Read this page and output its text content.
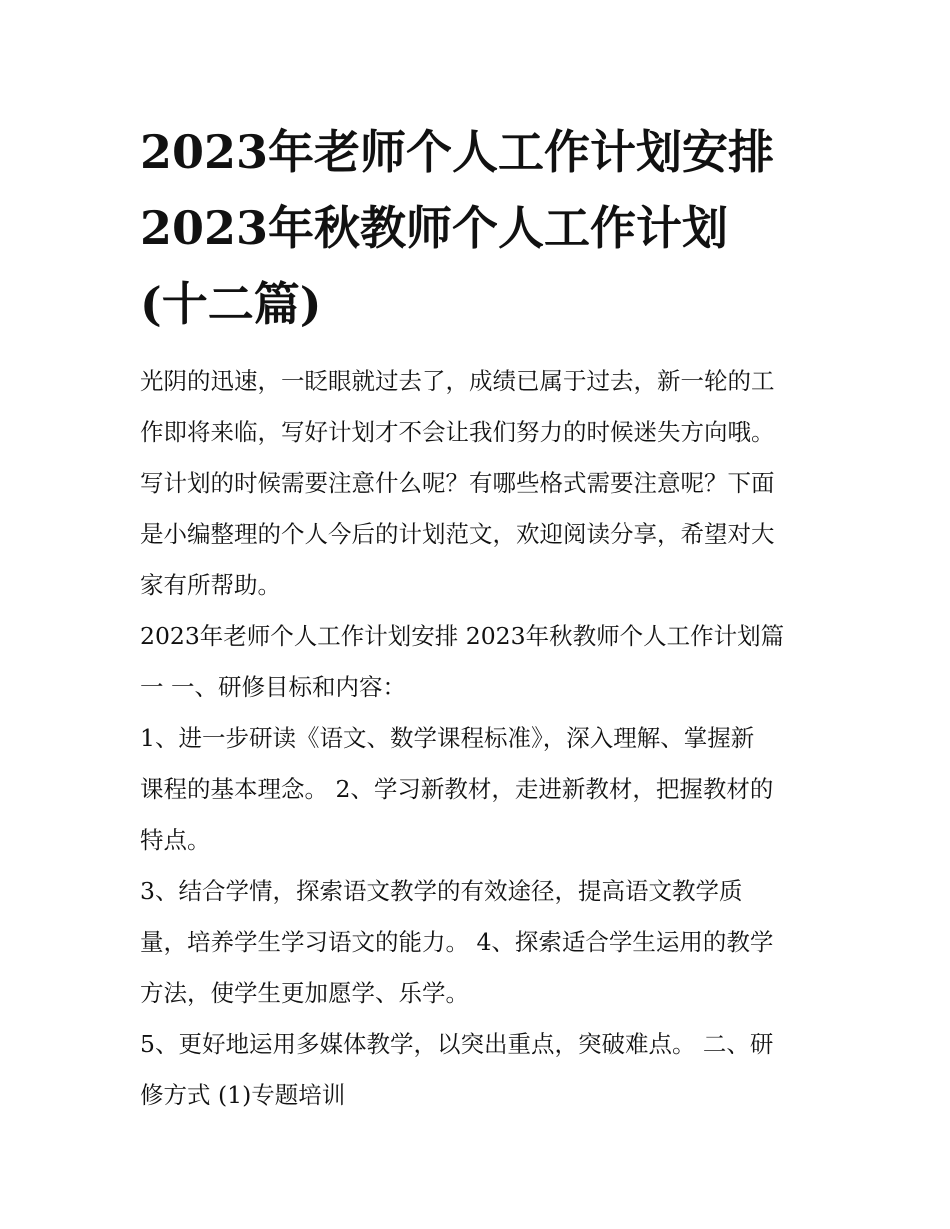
2023年老师个人工作计划安排
2023年秋教师个人工作计划
(十二篇)
光阴的迅速，一眨眼就过去了，成绩已属于过去，新一轮的工
作即将来临，写好计划才不会让我们努力的时候迷失方向哦。
写计划的时候需要注意什么呢？有哪些格式需要注意呢？下面
是小编整理的个人今后的计划范文，欢迎阅读分享，希望对大
家有所帮助。
2023年老师个人工作计划安排 2023年秋教师个人工作计划篇
一 一、研修目标和内容：
1、进一步研读《语文、数学课程标准》，深入理解、掌握新
课程的基本理念。 2、学习新教材，走进新教材，把握教材的
特点。
3、结合学情，探索语文教学的有效途径，提高语文教学质
量，培养学生学习语文的能力。 4、探索适合学生运用的教学
方法，使学生更加愿学、乐学。
5、更好地运用多媒体教学，以突出重点，突破难点。 二、研
修方式 (1)专题培训
